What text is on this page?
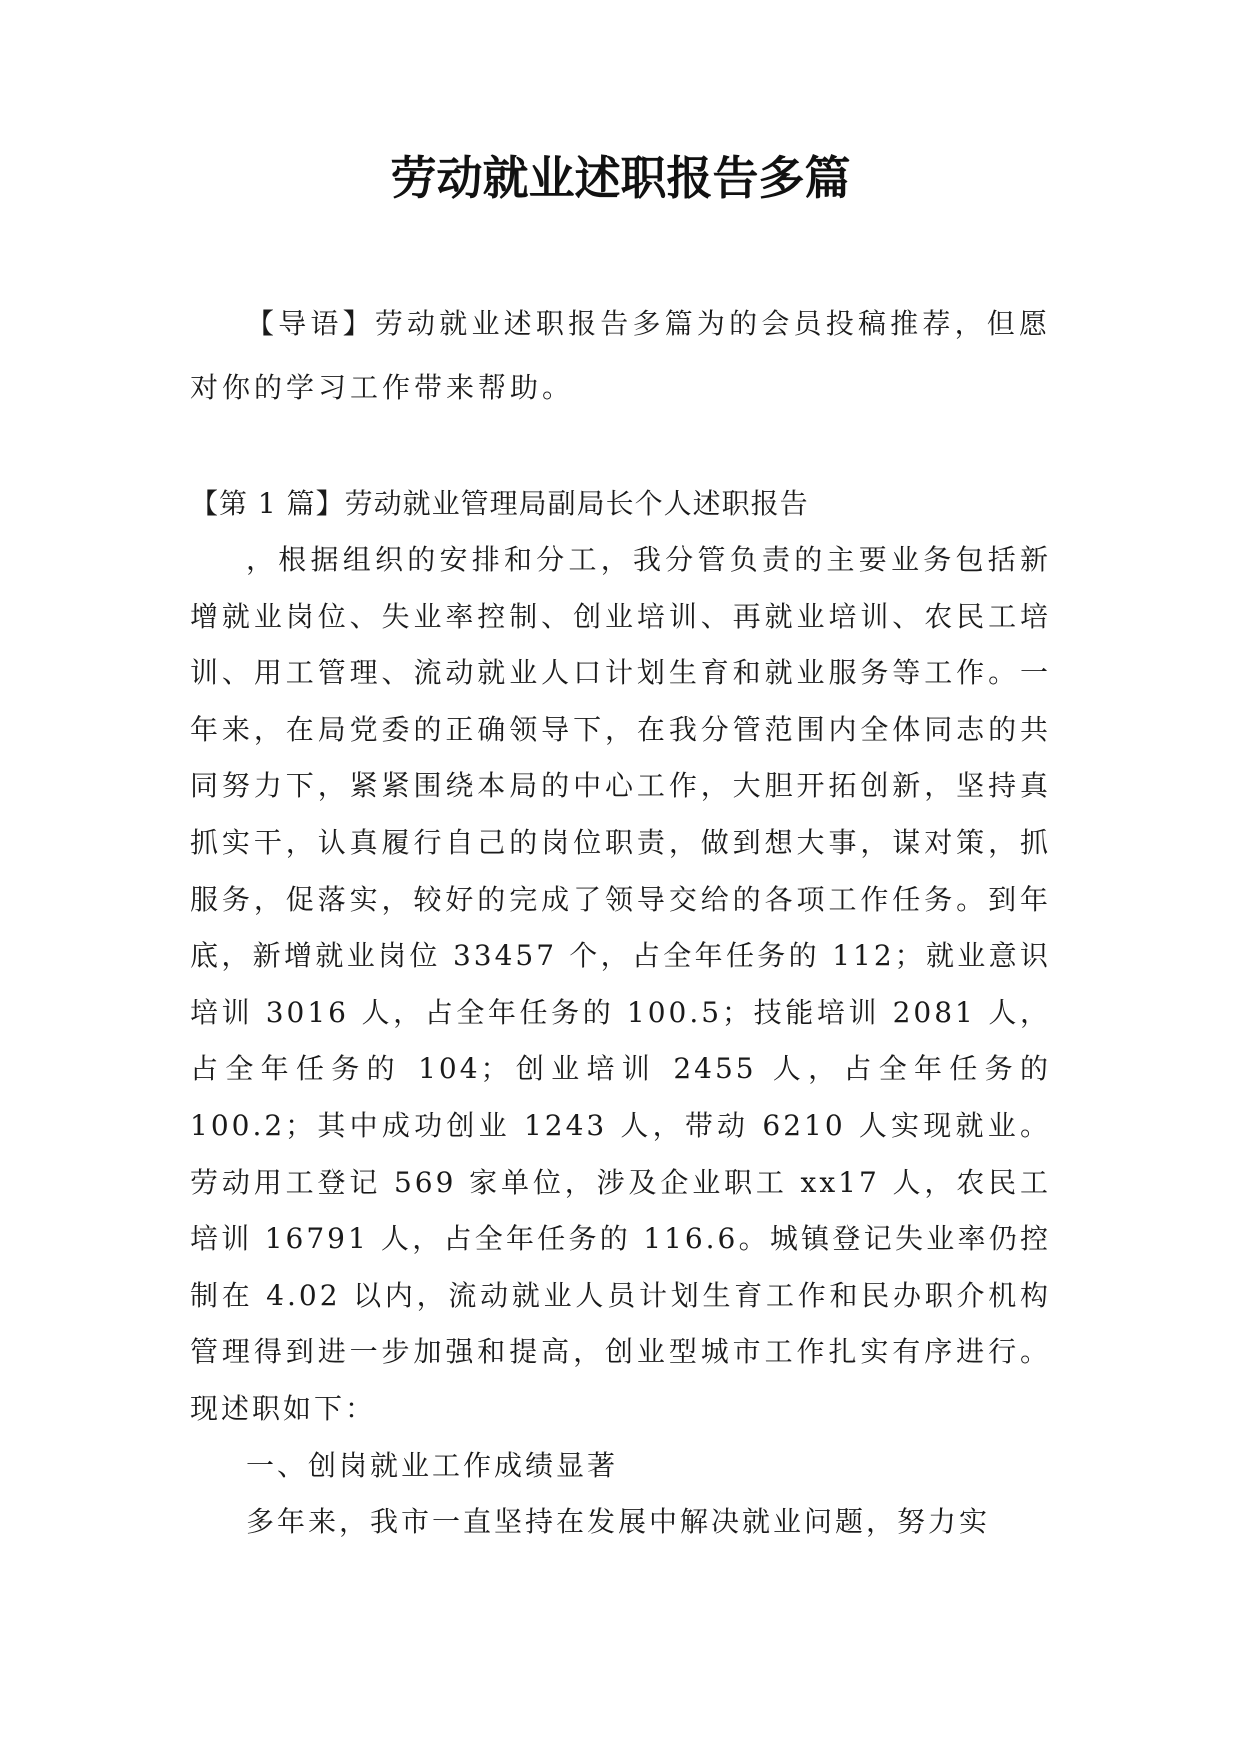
劳动就业述职报告多篇

【导语】劳动就业述职报告多篇为的会员投稿推荐，但愿对你的学习工作带来帮助。

【第 1 篇】劳动就业管理局副局长个人述职报告

，根据组织的安排和分工，我分管负责的主要业务包括新增就业岗位、失业率控制、创业培训、再就业培训、农民工培训、用工管理、流动就业人口计划生育和就业服务等工作。一年来，在局党委的正确领导下，在我分管范围内全体同志的共同努力下，紧紧围绕本局的中心工作，大胆开拓创新，坚持真抓实干，认真履行自己的岗位职责，做到想大事，谋对策，抓服务，促落实，较好的完成了领导交给的各项工作任务。到年底，新增就业岗位 33457 个，占全年任务的 112；就业意识培训 3016 人，占全年任务的 100.5；技能培训 2081 人，占全年任务的 104；创业培训 2455 人，占全年任务的 100.2；其中成功创业 1243 人，带动 6210 人实现就业。劳动用工登记 569 家单位，涉及企业职工 xx17 人，农民工培训 16791 人，占全年任务的 116.6。城镇登记失业率仍控制在 4.02 以内，流动就业人员计划生育工作和民办职介机构管理得到进一步加强和提高，创业型城市工作扎实有序进行。现述职如下：

一、创岗就业工作成绩显著

多年来，我市一直坚持在发展中解决就业问题，努力实
